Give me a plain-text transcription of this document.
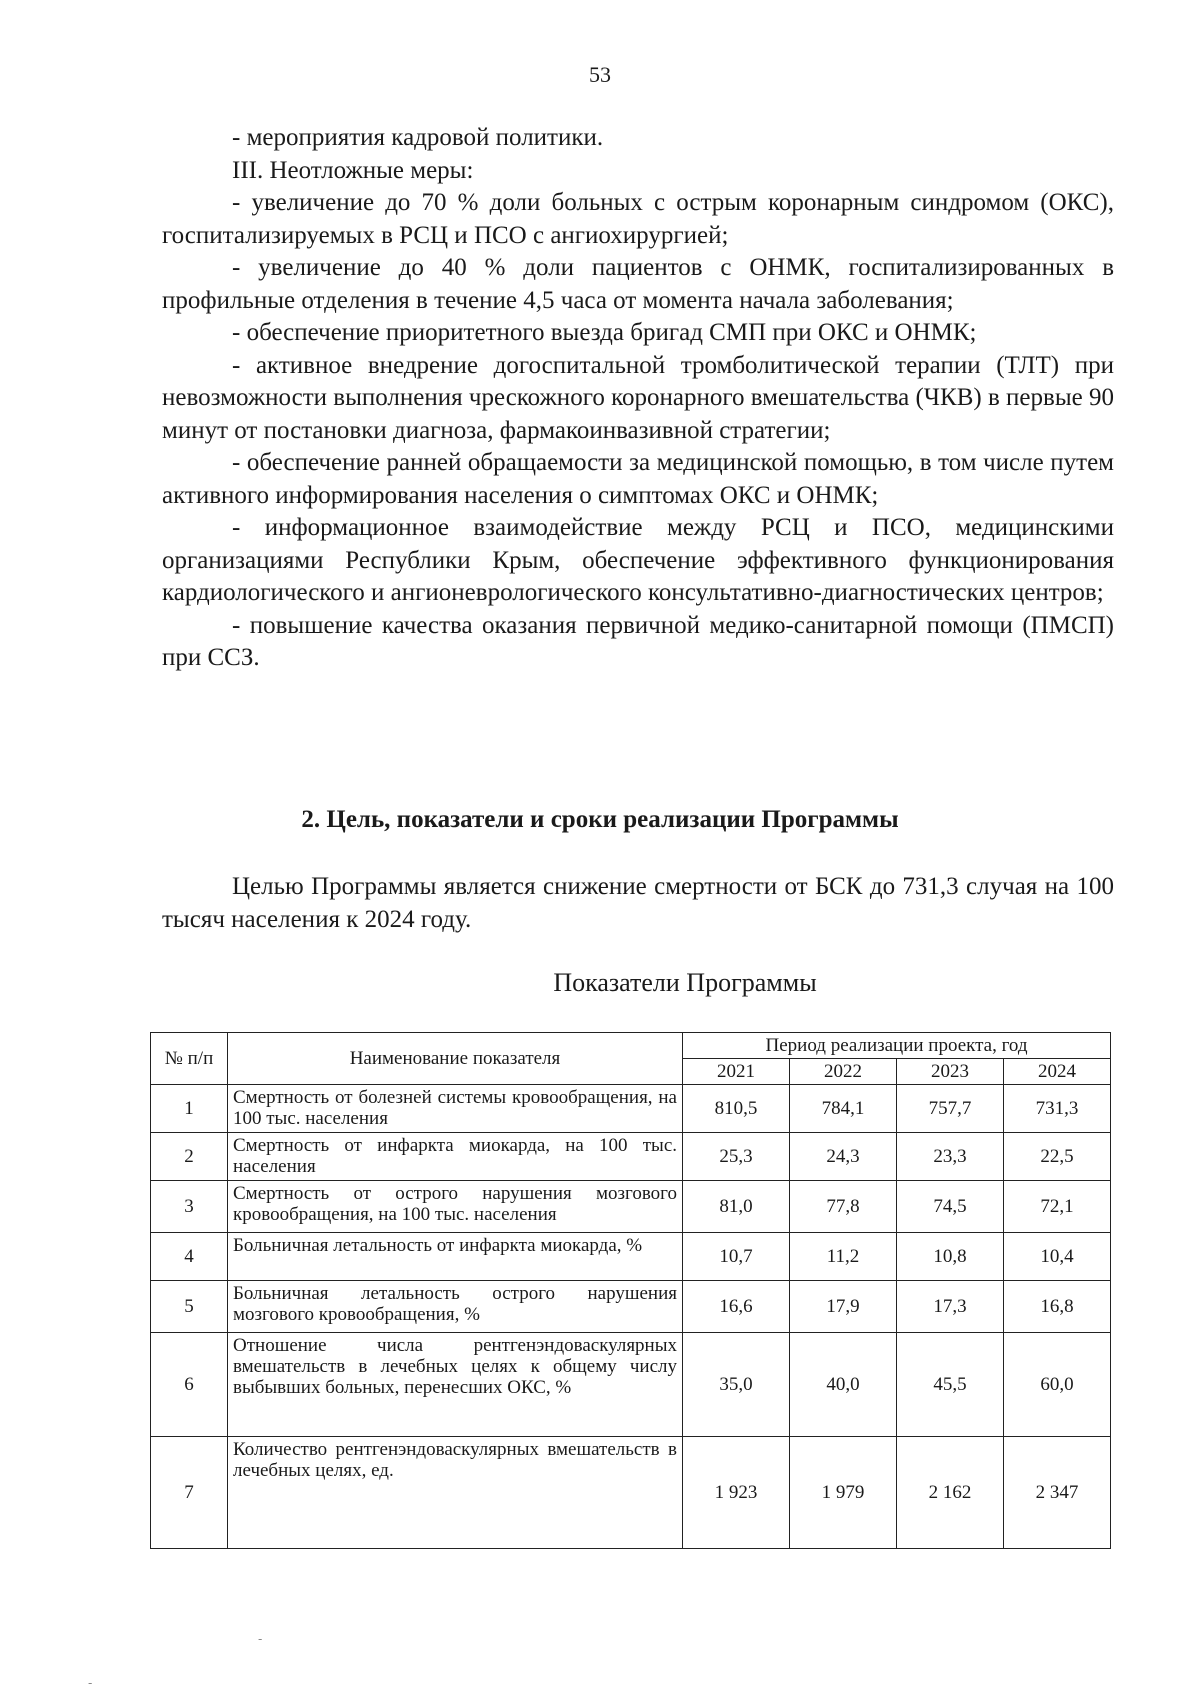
53

- мероприятия кадровой политики.

III. Неотложные меры:

- увеличение до 70 % доли больных с острым коронарным синдромом (ОКС), госпитализируемых в РСЦ и ПСО с ангиохирургией;

- увеличение до 40 % доли пациентов с ОНМК, госпитализированных в профильные отделения в течение 4,5 часа от момента начала заболевания;

- обеспечение приоритетного выезда бригад СМП при ОКС и ОНМК;

- активное внедрение догоспитальной тромболитической терапии (ТЛТ) при невозможности выполнения чрескожного коронарного вмешательства (ЧКВ) в первые 90 минут от постановки диагноза, фармакоинвазивной стратегии;

- обеспечение ранней обращаемости за медицинской помощью, в том числе путем активного информирования населения о симптомах ОКС и ОНМК;

- информационное взаимодействие между РСЦ и ПСО, медицинскими организациями Республики Крым, обеспечение эффективного функционирования кардиологического и ангионеврологического консультативно-диагностических центров;

- повышение качества оказания первичной медико-санитарной помощи (ПМСП) при ССЗ.

2. Цель, показатели и сроки реализации Программы

Целью Программы является снижение смертности от БСК до 731,3 случая на 100 тысяч населения к 2024 году.

Показатели Программы

№ п/п	Наименование показателя	Период реализации проекта, год			
		2021	2022	2023	2024
1	Смертность от болезней системы кровообращения, на 100 тыс. населения	810,5	784,1	757,7	731,3
2	Смертность от инфаркта миокарда, на 100 тыс. населения	25,3	24,3	23,3	22,5
3	Смертность от острого нарушения мозгового кровообращения, на 100 тыс. населения	81,0	77,8	74,5	72,1
4	Больничная летальность от инфаркта миокарда, %	10,7	11,2	10,8	10,4
5	Больничная летальность острого нарушения мозгового кровообращения, %	16,6	17,9	17,3	16,8
6	Отношение числа рентгенэндоваскулярных вмешательств в лечебных целях к общему числу выбывших больных, перенесших ОКС, %	35,0	40,0	45,5	60,0
7	Количество рентгенэндоваскулярных вмешательств в лечебных целях, ед.	1 923	1 979	2 162	2 347
-
-
